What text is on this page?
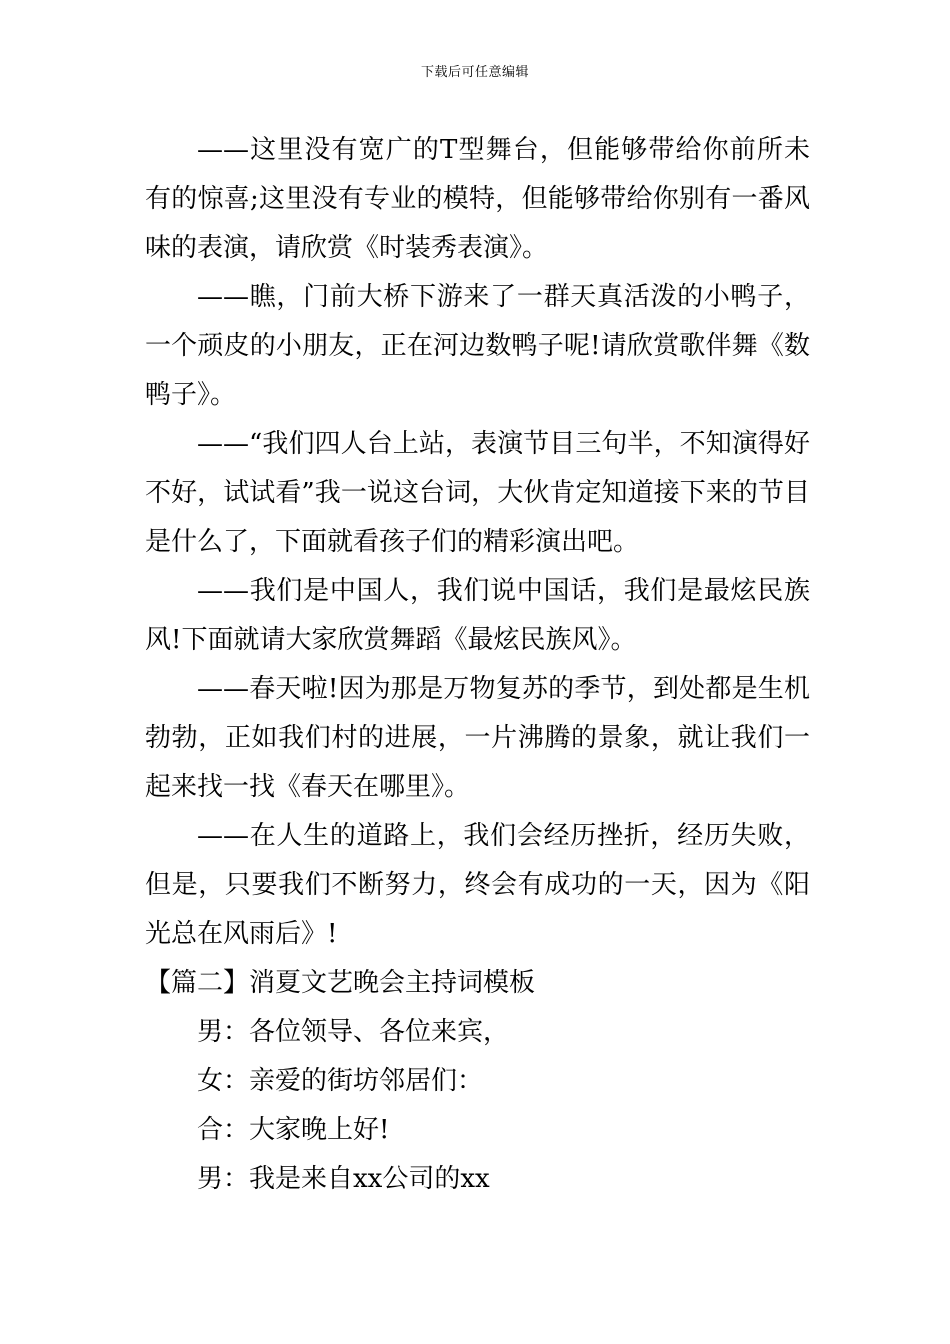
下载后可任意编辑

——这里没有宽广的T型舞台，但能够带给你前所未有的惊喜;这里没有专业的模特，但能够带给你别有一番风味的表演，请欣赏《时装秀表演》。

——瞧，门前大桥下游来了一群天真活泼的小鸭子，一个顽皮的小朋友，正在河边数鸭子呢!请欣赏歌伴舞《数鸭子》。

——“我们四人台上站，表演节目三句半，不知演得好不好，试试看”我一说这台词，大伙肯定知道接下来的节目是什么了，下面就看孩子们的精彩演出吧。

——我们是中国人，我们说中国话，我们是最炫民族风!下面就请大家欣赏舞蹈《最炫民族风》。

——春天啦!因为那是万物复苏的季节，到处都是生机勃勃，正如我们村的进展，一片沸腾的景象，就让我们一起来找一找《春天在哪里》。

——在人生的道路上，我们会经历挫折，经历失败，但是，只要我们不断努力，终会有成功的一天，因为《阳光总在风雨后》!

【篇二】消夏文艺晚会主持词模板

男：各位领导、各位来宾，

女：亲爱的街坊邻居们：

合：大家晚上好!

男：我是来自xx公司的xx
